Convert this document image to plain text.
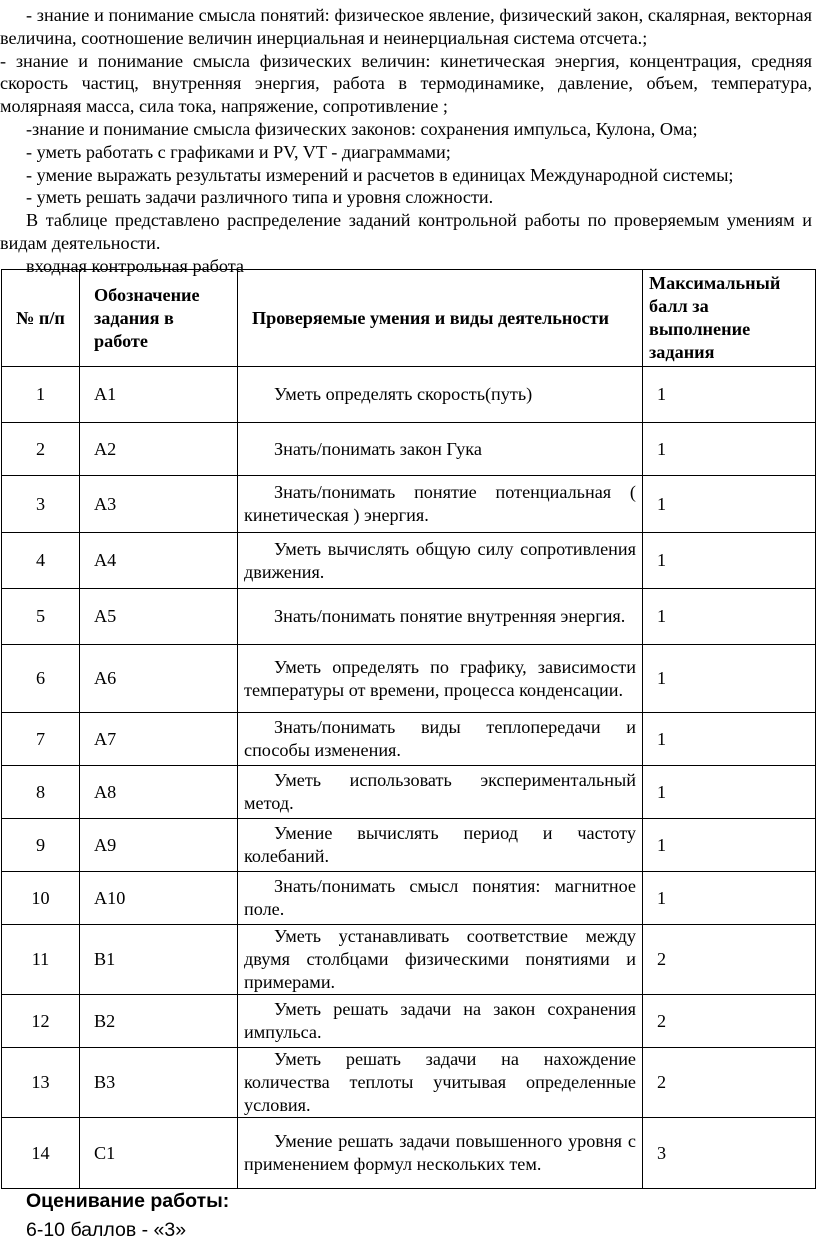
- знание и понимание смысла понятий: физическое явление, физический закон, скалярная, векторная величина, соотношение величин инерциальная и неинерциальная система отсчета.;

- знание и понимание смысла физических величин: кинетическая энергия, концентрация, средняя скорость частиц, внутренняя энергия, работа в термодинамике, давление, объем, температура, молярнаяя масса, сила тока, напряжение, сопротивление ;

-знание и понимание смысла физических законов: сохранения импульса, Кулона, Ома;

- уметь работать с графиками и PV, VT - диаграммами;

- умение выражать результаты измерений и расчетов в единицах Международной системы;

- уметь решать задачи различного типа и уровня сложности.

В таблице представлено распределение заданий контрольной работы по проверяемым умениям и видам деятельности.

входная контрольная работа

№ п/п	Обозначение задания в работе	Проверяемые умения и виды деятельности	Максимальный балл за выполнение задания
1	А1	Уметь определять скорость(путь)	1
2	А2	Знать/понимать закон Гука	1
3	А3	Знать/понимать понятие потенциальная ( кинетическая ) энергия.	1
4	А4	Уметь вычислять общую силу сопротивления движения.	1
5	А5	Знать/понимать понятие внутренняя энергия.	1
6	А6	Уметь определять по графику, зависимости температуры от времени, процесса конденсации.	1
7	А7	Знать/понимать виды теплопередачи и способы изменения.	1
8	А8	Уметь использовать экспериментальный метод.	1
9	А9	Умение вычислять период и частоту колебаний.	1
10	А10	Знать/понимать смысл понятия: магнитное поле.	1
11	В1	Уметь устанавливать соответствие между двумя столбцами физическими понятиями и примерами.	2
12	В2	Уметь решать задачи на закон сохранения импульса.	2
13	В3	Уметь решать задачи на нахождение количества теплоты учитывая определенные условия.	2
14	С1	Умение решать задачи повышенного уровня с применением формул нескольких тем.	3

Оценивание работы:

6-10 баллов - «3»
